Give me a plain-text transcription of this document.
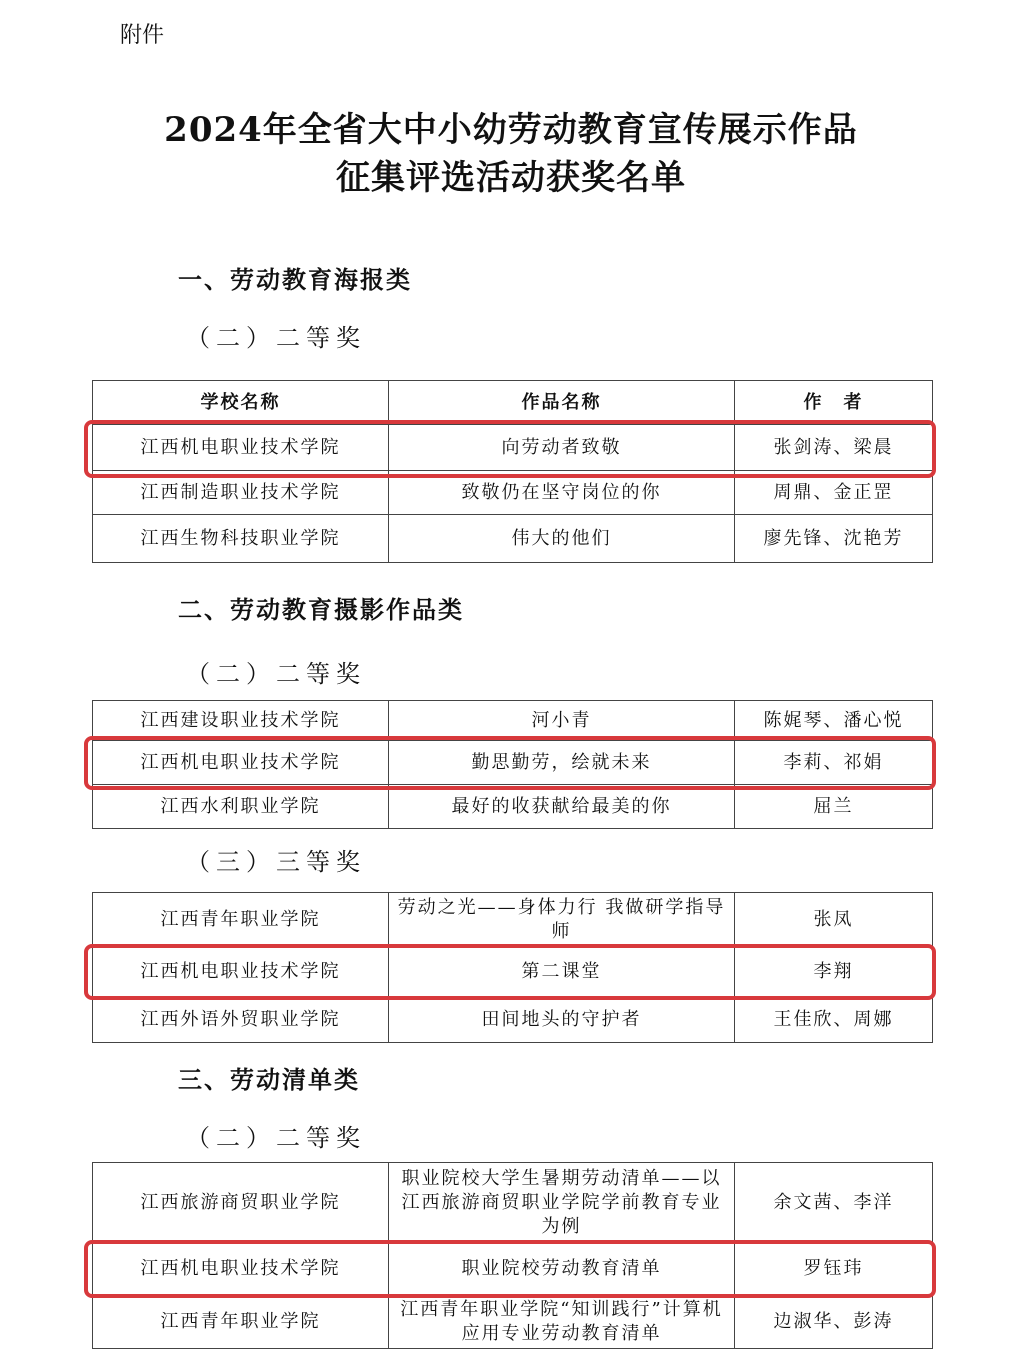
附件
2024年全省大中小幼劳动教育宣传展示作品
征集评选活动获奖名单
一、劳动教育海报类
（二）二等奖
学校名称	作品名称	作　者
江西机电职业技术学院	向劳动者致敬	张剑涛、梁晨
江西制造职业技术学院	致敬仍在坚守岗位的你	周鼎、金正罡
江西生物科技职业学院	伟大的他们	廖先锋、沈艳芳
二、劳动教育摄影作品类
（二）二等奖
江西建设职业技术学院	河小青	陈娓琴、潘心悦
江西机电职业技术学院	勤思勤劳，绘就未来	李莉、祁娟
江西水利职业学院	最好的收获献给最美的你	屈兰
（三）三等奖
江西青年职业学院	劳动之光——身体力行 我做研学指导师	张凤
江西机电职业技术学院	第二课堂	李翔
江西外语外贸职业学院	田间地头的守护者	王佳欣、周娜
三、劳动清单类
（二）二等奖
江西旅游商贸职业学院	职业院校大学生暑期劳动清单——以江西旅游商贸职业学院学前教育专业为例	余文茜、李洋
江西机电职业技术学院	职业院校劳动教育清单	罗钰玮
江西青年职业学院	江西青年职业学院“知训践行”计算机应用专业劳动教育清单	边淑华、彭涛
